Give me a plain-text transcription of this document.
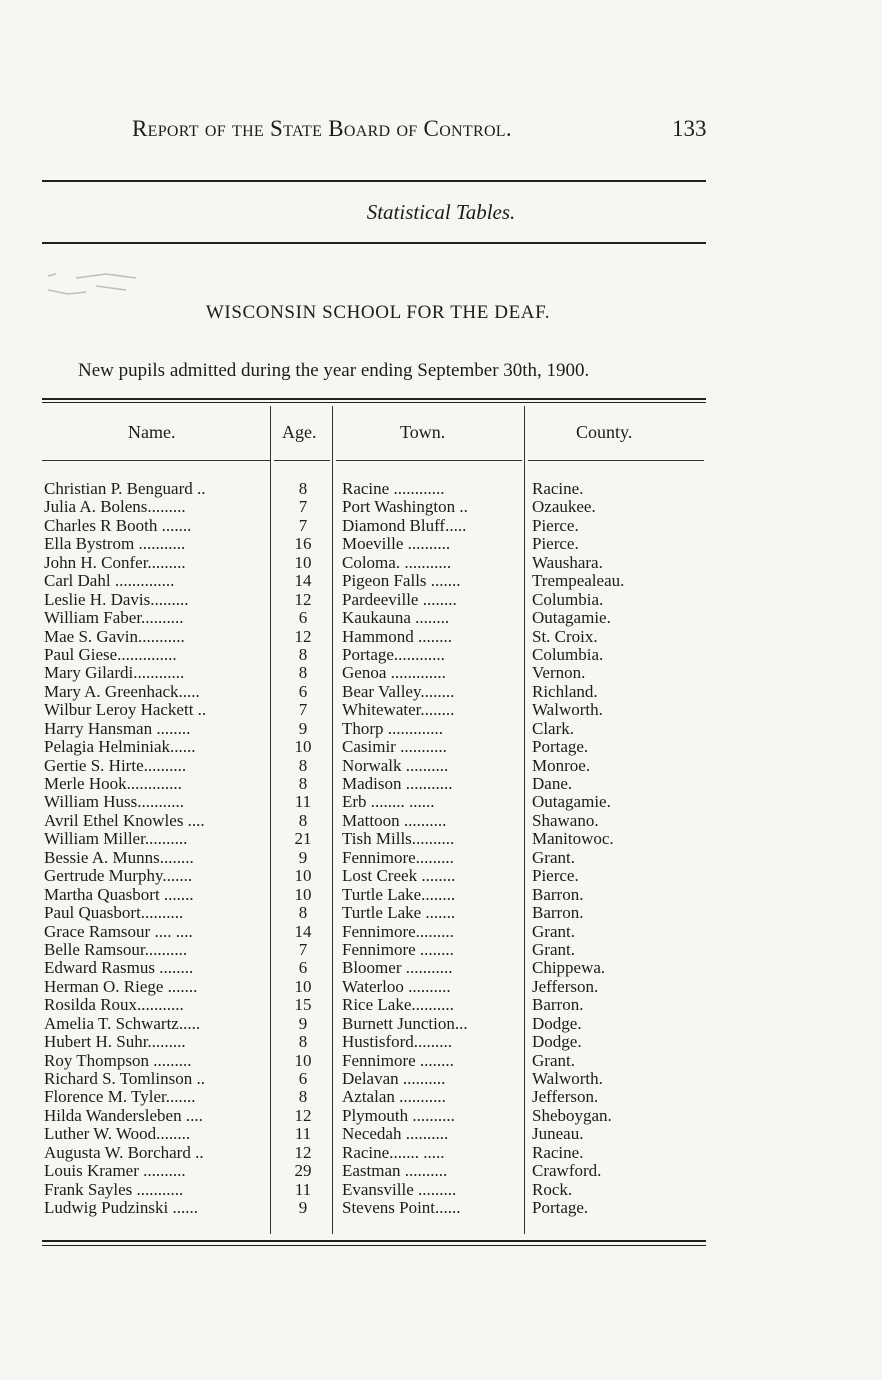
Report of the State Board of Control.	133
Statistical Tables.
WISCONSIN SCHOOL FOR THE DEAF.
New pupils admitted during the year ending September 30th, 1900.
Name.	Age.	Town.	County.
Christian P. Benguard ..	8	Racine ............	Racine.
Julia A. Bolens.........	7	Port Washington ..	Ozaukee.
Charles R Booth .......	7	Diamond Bluff.....	Pierce.
Ella Bystrom ...........	16	Moeville ..........	Pierce.
John H. Confer.........	10	Coloma. ...........	Waushara.
Carl Dahl ..............	14	Pigeon Falls .......	Trempealeau.
Leslie H. Davis.........	12	Pardeeville ........	Columbia.
William Faber..........	6	Kaukauna ........	Outagamie.
Mae S. Gavin...........	12	Hammond ........	St. Croix.
Paul Giese..............	8	Portage............	Columbia.
Mary Gilardi............	8	Genoa .............	Vernon.
Mary A. Greenhack.....	6	Bear Valley........	Richland.
Wilbur Leroy Hackett ..	7	Whitewater........	Walworth.
Harry Hansman ........	9	Thorp .............	Clark.
Pelagia Helminiak......	10	Casimir ...........	Portage.
Gertie S. Hirte..........	8	Norwalk ..........	Monroe.
Merle Hook.............	8	Madison ...........	Dane.
William Huss...........	11	Erb ........ ......	Outagamie.
Avril Ethel Knowles ....	8	Mattoon ..........	Shawano.
William Miller..........	21	Tish Mills..........	Manitowoc.
Bessie A. Munns........	9	Fennimore.........	Grant.
Gertrude Murphy.......	10	Lost Creek ........	Pierce.
Martha Quasbort .......	10	Turtle Lake........	Barron.
Paul Quasbort..........	8	Turtle Lake .......	Barron.
Grace Ramsour .... ....	14	Fennimore.........	Grant.
Belle Ramsour..........	7	Fennimore ........	Grant.
Edward Rasmus ........	6	Bloomer ...........	Chippewa.
Herman O. Riege .......	10	Waterloo ..........	Jefferson.
Rosilda Roux...........	15	Rice Lake..........	Barron.
Amelia T. Schwartz.....	9	Burnett Junction...	Dodge.
Hubert H. Suhr.........	8	Hustisford.........	Dodge.
Roy Thompson .........	10	Fennimore ........	Grant.
Richard S. Tomlinson ..	6	Delavan ..........	Walworth.
Florence M. Tyler.......	8	Aztalan ...........	Jefferson.
Hilda Wandersleben ....	12	Plymouth ..........	Sheboygan.
Luther W. Wood........	11	Necedah ..........	Juneau.
Augusta W. Borchard ..	12	Racine....... .....	Racine.
Louis Kramer ..........	29	Eastman ..........	Crawford.
Frank Sayles ...........	11	Evansville .........	Rock.
Ludwig Pudzinski ......	9	Stevens Point......	Portage.
